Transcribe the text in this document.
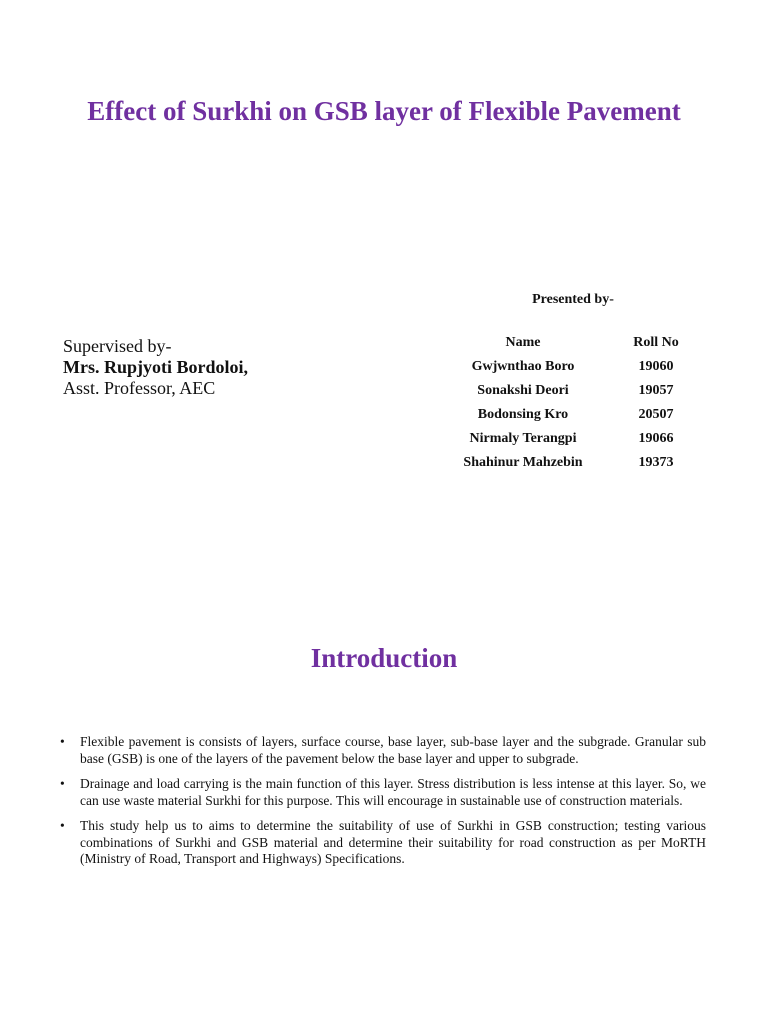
Effect of Surkhi on GSB layer of Flexible Pavement
Presented by-
Supervised by-
Mrs. Rupjyoti Bordoloi,
Asst. Professor, AEC
Name	Roll No
Gwjwnthao Boro	19060
Sonakshi Deori	19057
Bodonsing Kro	20507
Nirmaly Terangpi	19066
Shahinur Mahzebin	19373
Introduction
• Flexible pavement is consists of layers, surface course, base layer, sub-base layer and the subgrade. Granular sub base (GSB) is one of the layers of the pavement below the base layer and upper to subgrade.
• Drainage and load carrying is the main function of this layer. Stress distribution is less intense at this layer. So, we can use waste material Surkhi for this purpose. This will encourage in sustainable use of construction materials.
• This study help us to aims to determine the suitability of use of Surkhi in GSB construction; testing various combinations of Surkhi and GSB material and determine their suitability for road construction as per MoRTH (Ministry of Road, Transport and Highways) Specifications.
